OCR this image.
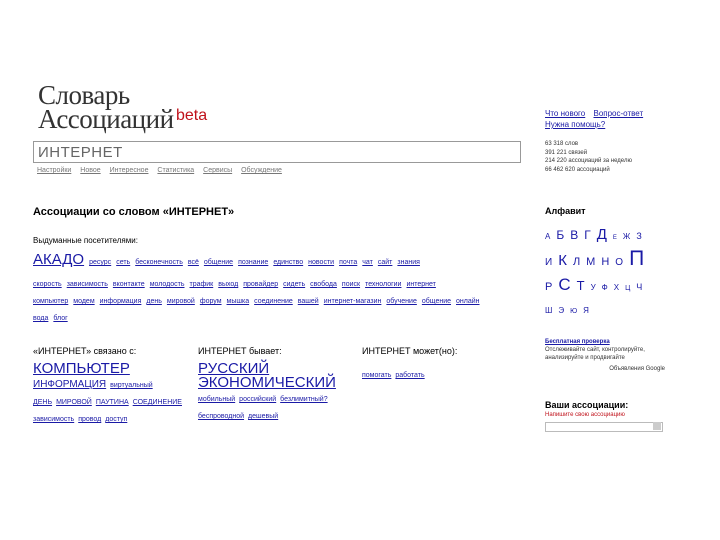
Словарь
Ассоциаций beta	Что нового Вопрос-ответ
Нужна помощь?
ИНТЕРНЕТ
Настройки Новое Интересное Статистика Сервисы Обсуждение
63 318 слов
391 221 связей
214 220 ассоциаций за неделю
66 462 620 ассоциаций
Ассоциации со словом «ИНТЕРНЕТ»
Выдуманные посетителями:
АКАДО ресурс сеть бесконечность всё общение познание единство новости почта чат сайт знания
скорость зависимость вконтакте молодость трафик выход провайдер сидеть свобода поиск технологии интернет
компьютер модем информация день мировой форум мышка соединение вашей интернет-магазин обучение общение онлайн
вода блог
«ИНТЕРНЕТ» связано с:
КОМПЬЮТЕР
ИНФОРМАЦИЯ виртуальный
ДЕНЬ МИРОВОЙ ПАУТИНА СОЕДИНЕНИЕ
зависимость провод доступ
ИНТЕРНЕТ бывает:
РУССКИЙ
ЭКОНОМИЧЕСКИЙ
мобильный российский безлимитный?
беспроводной дешевый
ИНТЕРНЕТ может(но):
помогать работать
Алфавит
А Б В Г Д Е Ж З
И К Л М Н О П
Р С Т У Ф Х Ц Ч
Ш Э Ю Я
Бесплатная проверка
Отслеживайте сайт, контролируйте,
анализируйте и продвигайте
Объявления Google
Ваши ассоциации:
Напишите свою ассоциацию
